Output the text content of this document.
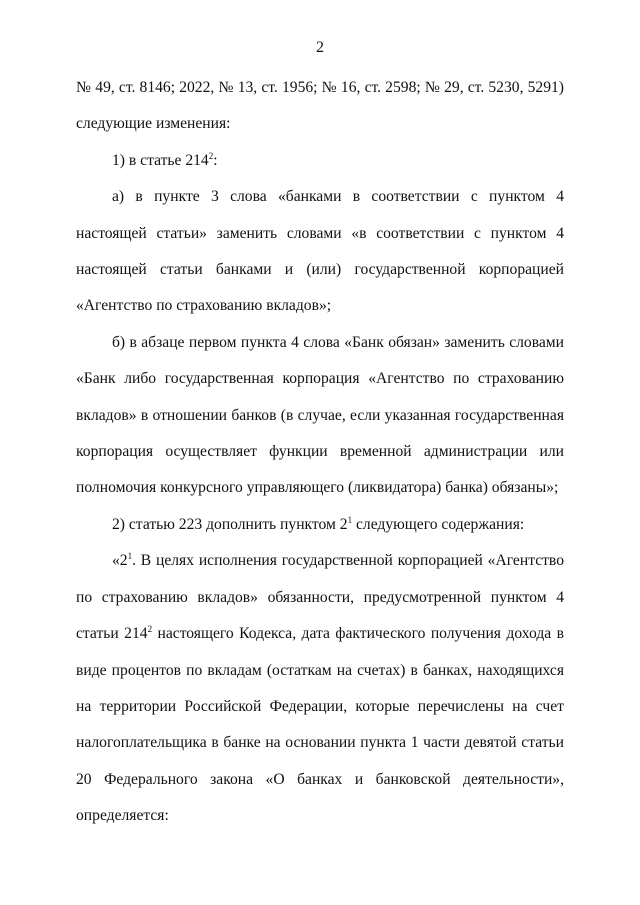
2

№ 49, ст. 8146; 2022, № 13, ст. 1956; № 16, ст. 2598; № 29, ст. 5230, 5291)

следующие изменения:

1) в статье $214^2$:

а) в пункте 3 слова «банками в соответствии с пунктом 4 настоящей статьи» заменить словами «в соответствии с пунктом 4 настоящей статьи банками и (или) государственной корпорацией «Агентство по страхованию вкладов»;

б) в абзаце первом пункта 4 слова «Банк обязан» заменить словами «Банк либо государственная корпорация «Агентство по страхованию вкладов» в отношении банков (в случае, если указанная государственная корпорация осуществляет функции временной администрации или полномочия конкурсного управляющего (ликвидатора) банка) обязаны»;

2) статью 223 дополнить пунктом $2^1$ следующего содержания:

«$2^1$. В целях исполнения государственной корпорацией «Агентство по страхованию вкладов» обязанности, предусмотренной пунктом 4 статьи $214^2$ настоящего Кодекса, дата фактического получения дохода в виде процентов по вкладам (остаткам на счетах) в банках, находящихся на территории Российской Федерации, которые перечислены на счет налогоплательщика в банке на основании пункта 1 части девятой статьи 20 Федерального закона «О банках и банковской деятельности», определяется:
